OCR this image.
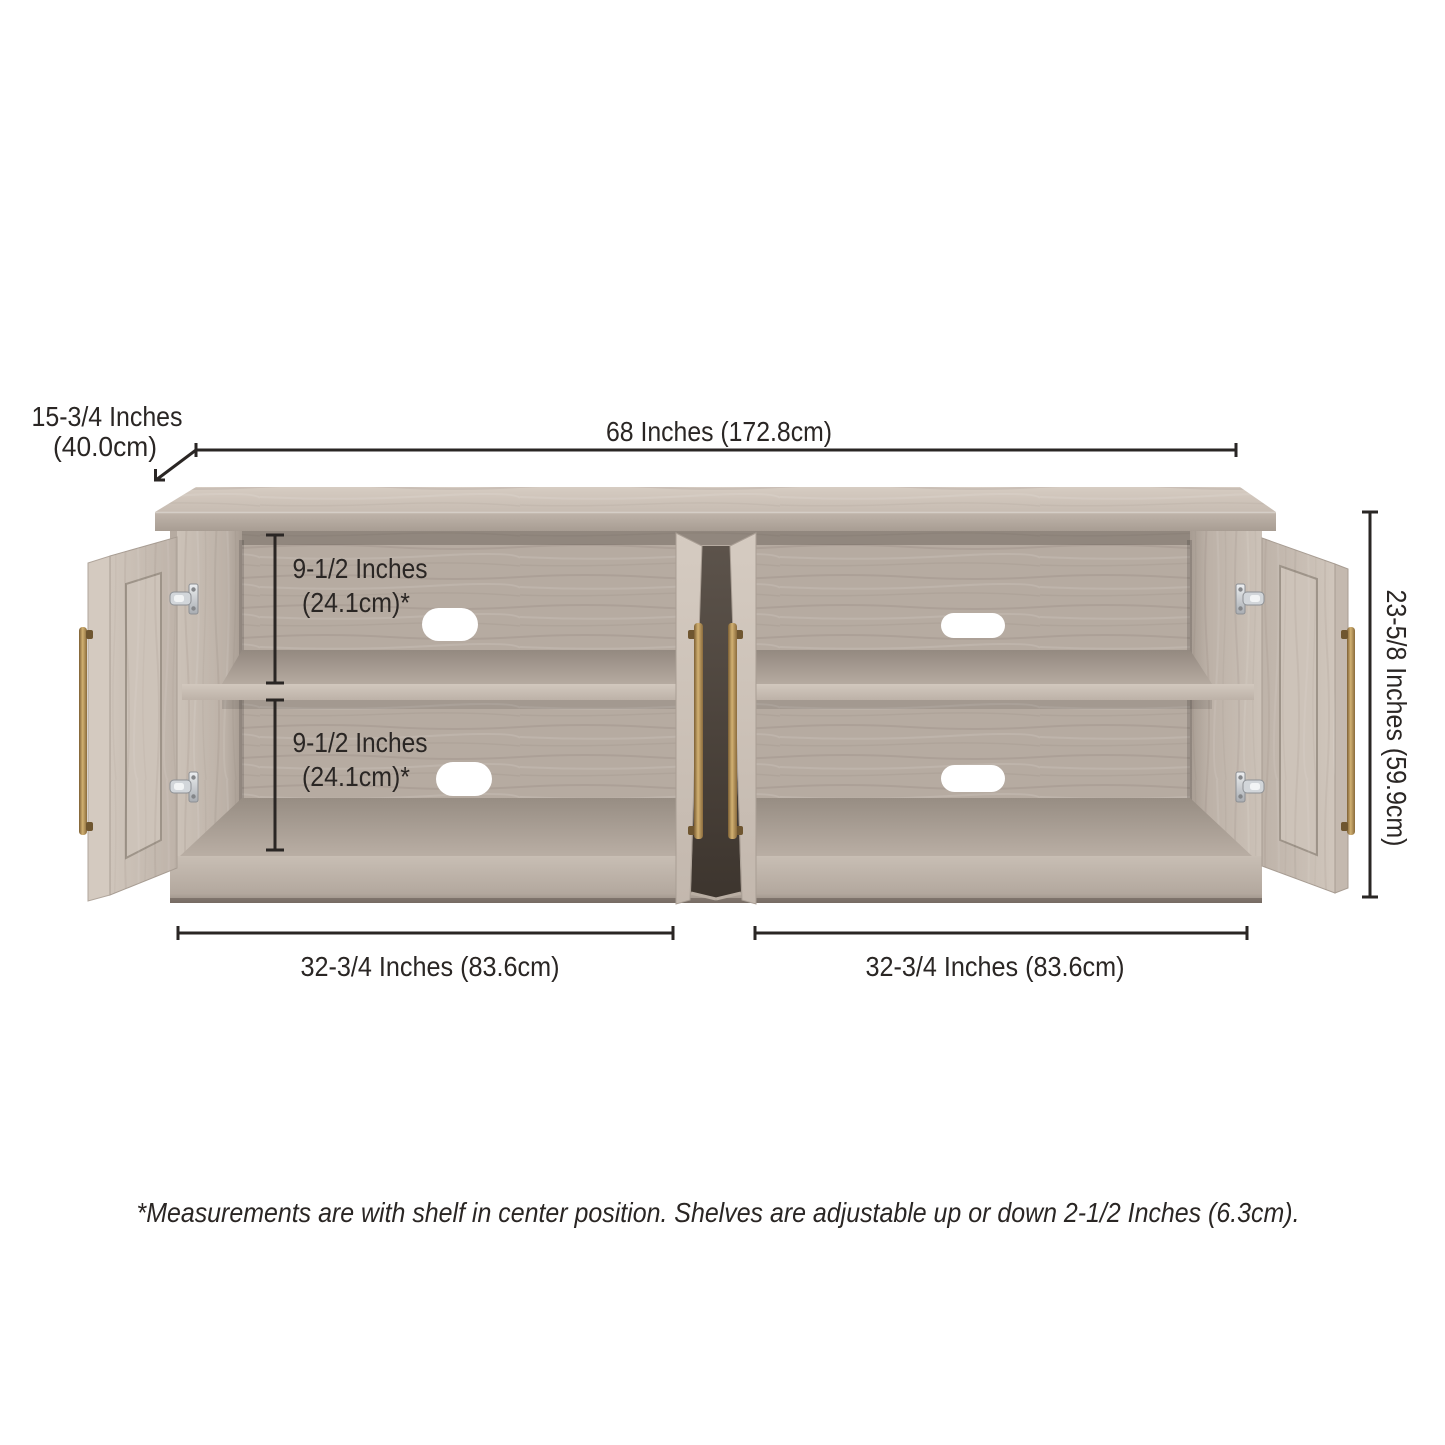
15-3/4 Inches
(40.0cm)	68 Inches (172.8cm)
23-5/8 Inches (59.9cm)
9-1/2 Inches
(24.1cm)*
9-1/2 Inches
(24.1cm)*
32-3/4 Inches (83.6cm)	32-3/4 Inches (83.6cm)
*Measurements are with shelf in center position. Shelves are adjustable up or down 2-1/2 Inches (6.3cm).
